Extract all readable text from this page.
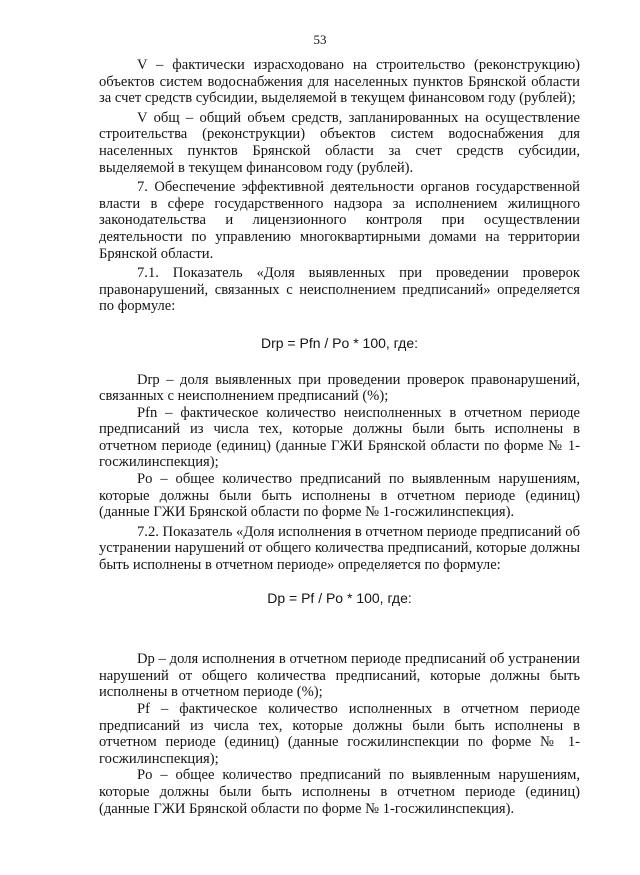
53

V – фактически израсходовано на строительство (реконструкцию) объектов систем водоснабжения для населенных пунктов Брянской области за счет средств субсидии, выделяемой в текущем финансовом году (рублей);

V общ – общий объем средств, запланированных на осуществление строительства (реконструкции) объектов систем водоснабжения для населенных пунктов Брянской области за счет средств субсидии, выделяемой в текущем финансовом году (рублей).

7. Обеспечение эффективной деятельности органов государственной власти в сфере государственного надзора за исполнением жилищного законодательства и лицензионного контроля при осуществлении деятельности по управлению многоквартирными домами на территории Брянской области.

7.1. Показатель «Доля выявленных при проведении проверок правонарушений, связанных с неисполнением предписаний» определяется по формуле:

Drp = Pfn / Po * 100, где:

Drp – доля выявленных при проведении проверок правонарушений, связанных с неисполнением предписаний (%);

Pfn – фактическое количество неисполненных в отчетном периоде предписаний из числа тех, которые должны были быть исполнены в отчетном периоде (единиц) (данные ГЖИ Брянской области по форме № 1-госжилинспекция);

Po – общее количество предписаний по выявленным нарушениям, которые должны были быть исполнены в отчетном периоде (единиц) (данные ГЖИ Брянской области по форме № 1-госжилинспекция).

7.2. Показатель «Доля исполнения в отчетном периоде предписаний об устранении нарушений от общего количества предписаний, которые должны быть исполнены в отчетном периоде» определяется по формуле:

Dp = Pf / Po * 100, где:

Dp – доля исполнения в отчетном периоде предписаний об устранении нарушений от общего количества предписаний, которые должны быть исполнены в отчетном периоде (%);

Pf – фактическое количество исполненных в отчетном периоде предписаний из числа тех, которые должны были быть исполнены в отчетном периоде (единиц) (данные госжилинспекции по форме № 1-госжилинспекция);

Po – общее количество предписаний по выявленным нарушениям, которые должны были быть исполнены в отчетном периоде (единиц) (данные ГЖИ Брянской области по форме № 1-госжилинспекция).
